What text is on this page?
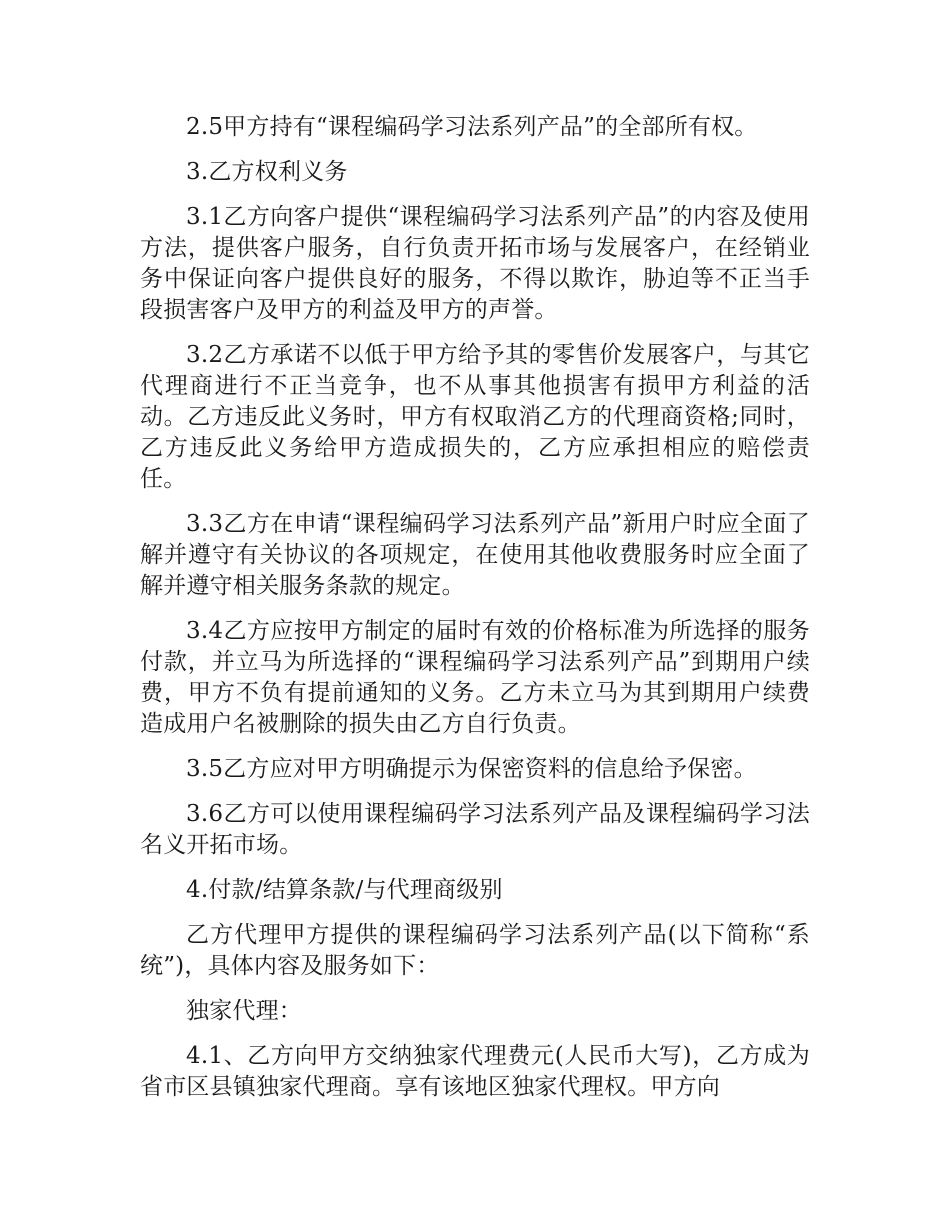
2.5甲方持有“课程编码学习法系列产品”的全部所有权。

3.乙方权利义务

3.1乙方向客户提供“课程编码学习法系列产品”的内容及使用方法，提供客户服务，自行负责开拓市场与发展客户，在经销业务中保证向客户提供良好的服务，不得以欺诈，胁迫等不正当手段损害客户及甲方的利益及甲方的声誉。

3.2乙方承诺不以低于甲方给予其的零售价发展客户，与其它代理商进行不正当竞争，也不从事其他损害有损甲方利益的活动。乙方违反此义务时，甲方有权取消乙方的代理商资格;同时，乙方违反此义务给甲方造成损失的，乙方应承担相应的赔偿责任。

3.3乙方在申请“课程编码学习法系列产品”新用户时应全面了解并遵守有关协议的各项规定，在使用其他收费服务时应全面了解并遵守相关服务条款的规定。

3.4乙方应按甲方制定的届时有效的价格标准为所选择的服务付款，并立马为所选择的“课程编码学习法系列产品”到期用户续费，甲方不负有提前通知的义务。乙方未立马为其到期用户续费造成用户名被删除的损失由乙方自行负责。

3.5乙方应对甲方明确提示为保密资料的信息给予保密。

3.6乙方可以使用课程编码学习法系列产品及课程编码学习法名义开拓市场。

4.付款/结算条款/与代理商级别

乙方代理甲方提供的课程编码学习法系列产品(以下简称“系统”)，具体内容及服务如下：

独家代理：

4.1、乙方向甲方交纳独家代理费元(人民币大写)，乙方成为省市区县镇独家代理商。享有该地区独家代理权。甲方向
